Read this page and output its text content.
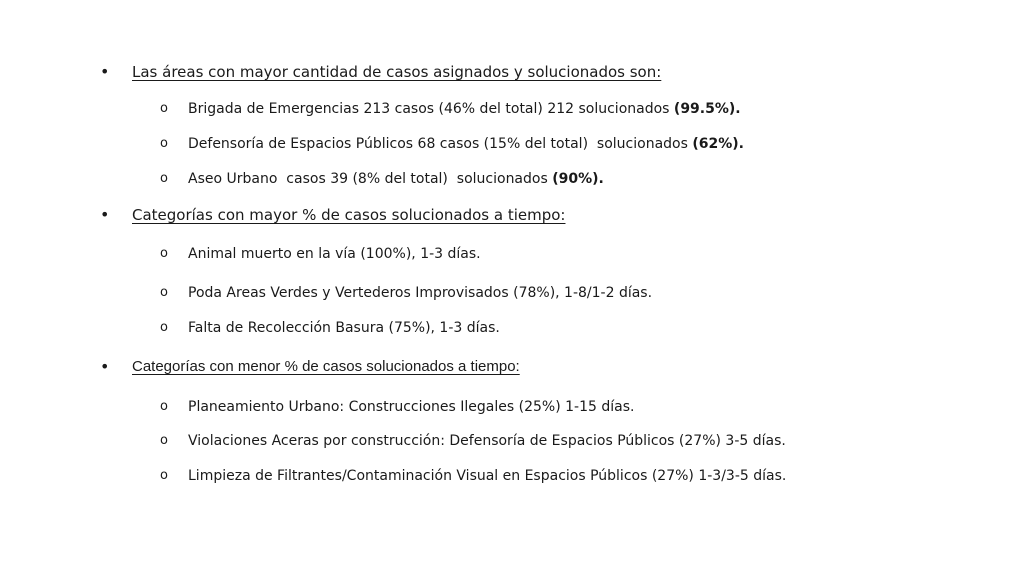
• Las áreas con mayor cantidad de casos asignados y solucionados son:
o Brigada de Emergencias 213 casos (46% del total) 212 solucionados (99.5%).
o Defensoría de Espacios Públicos 68 casos (15% del total)  solucionados (62%).
o Aseo Urbano  casos 39 (8% del total)  solucionados (90%).
• Categorías con mayor % de casos solucionados a tiempo:
o Animal muerto en la vía (100%), 1-3 días.
o Poda Areas Verdes y Vertederos Improvisados (78%), 1-8/1-2 días.
o Falta de Recolección Basura (75%), 1-3 días.
• Categorías con menor % de casos solucionados a tiempo:
o Planeamiento Urbano: Construcciones Ilegales (25%) 1-15 días.
o Violaciones Aceras por construcción: Defensoría de Espacios Públicos (27%) 3-5 días.
o Limpieza de Filtrantes/Contaminación Visual en Espacios Públicos (27%) 1-3/3-5 días.
